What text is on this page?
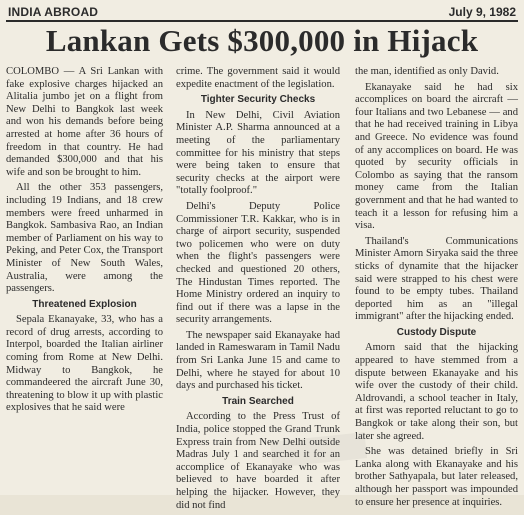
INDIA ABROAD	July 9, 1982
Lankan Gets $300,000 in Hijack

COLOMBO — A Sri Lankan with fake explosive charges hijacked an Alitalia jumbo jet on a flight from New Delhi to Bangkok last week and won his demands before being arrested at home after 36 hours of freedom in that country. He had demanded $300,000 and that his wife and son be brought to him.

All the other 353 passengers, including 19 Indians, and 18 crew members were freed unharmed in Bangkok. Sambasiva Rao, an Indian member of Parliament on his way to Peking, and Peter Cox, the Transport Minister of New South Wales, Australia, were among the passengers.

Threatened Explosion

Sepala Ekanayake, 33, who has a record of drug arrests, according to Interpol, boarded the Italian airliner coming from Rome at New Delhi. Midway to Bangkok, he commandeered the aircraft June 30, threatening to blow it up with plastic explosives that he said were

crime. The government said it would expedite enactment of the legislation.

Tighter Security Checks

In New Delhi, Civil Aviation Minister A.P. Sharma announced at a meeting of the parliamentary committee for his ministry that steps were being taken to ensure that security checks at the airport were "totally foolproof."

Delhi's Deputy Police Commissioner T.R. Kakkar, who is in charge of airport security, suspended two policemen who were on duty when the flight's passengers were checked and questioned 20 others, The Hindustan Times reported. The Home Ministry ordered an inquiry to find out if there was a lapse in the security arrangements.

The newspaper said Ekanayake had landed in Rameswaram in Tamil Nadu from Sri Lanka June 15 and came to Delhi, where he stayed for about 10 days and purchased his ticket.

Train Searched

According to the Press Trust of India, police stopped the Grand Trunk Express train from New Delhi outside Madras July 1 and searched it for an accomplice of Ekanayake who was believed to have boarded it after helping the hijacker. However, they did not find

the man, identified as only David.

Ekanayake said he had six accomplices on board the aircraft — four Italians and two Lebanese — and that he had received training in Libya and Greece. No evidence was found of any accomplices on board. He was quoted by security officials in Colombo as saying that the ransom money came from the Italian government and that he had wanted to teach it a lesson for refusing him a visa.

Thailand's Communications Minister Amorn Siryaka said the three sticks of dynamite that the hijacker said were strapped to his chest were found to be empty tubes. Thailand deported him as an "illegal immigrant" after the hijacking ended.

Custody Dispute

Amorn said that the hijacking appeared to have stemmed from a dispute between Ekanayake and his wife over the custody of their child. Aldrovandi, a school teacher in Italy, at first was reported reluctant to go to Bangkok or take along their son, but later she agreed.

She was detained briefly in Sri Lanka along with Ekanayake and his brother Sathyapala, but later released, although her passport was impounded to ensure her presence at inquiries.
